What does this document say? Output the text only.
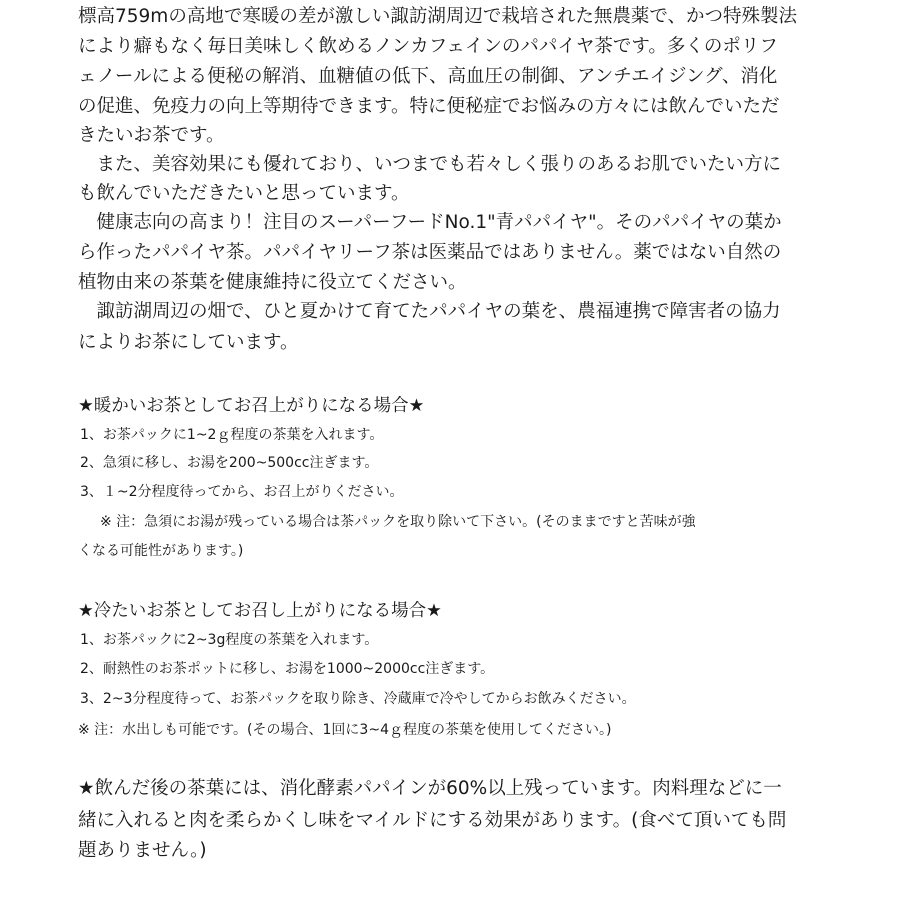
標高759mの高地で寒暖の差が激しい諏訪湖周辺で栽培された無農薬で、かつ特殊製法
により癖もなく毎日美味しく飲めるノンカフェインのパパイヤ茶です。多くのポリフ
ェノールによる便秘の解消、血糖値の低下、高血圧の制御、アンチエイジング、消化
の促進、免疫力の向上等期待できます。特に便秘症でお悩みの方々には飲んでいただ
きたいお茶です。
　また、美容効果にも優れており、いつまでも若々しく張りのあるお肌でいたい方に
も飲んでいただきたいと思っています。
　健康志向の高まり！注目のスーパーフードNo.1"青パパイヤ"。そのパパイヤの葉か
ら作ったパパイヤ茶。パパイヤリーフ茶は医薬品ではありません。薬ではない自然の
植物由来の茶葉を健康維持に役立てください。
　諏訪湖周辺の畑で、ひと夏かけて育てたパパイヤの葉を、農福連携で障害者の協力
によりお茶にしています。
★暖かいお茶としてお召上がりになる場合★
1、お茶パックに1~2ｇ程度の茶葉を入れます。
2、急須に移し、お湯を200~500cc注ぎます。
3、１~2分程度待ってから、お召上がりください。
※ 注：急須にお湯が残っている場合は茶パックを取り除いて下さい。(そのままですと苦味が強
くなる可能性があります。)
★冷たいお茶としてお召し上がりになる場合★
1、お茶パックに2~3g程度の茶葉を入れます。
2、耐熱性のお茶ポットに移し、お湯を1000~2000cc注ぎます。
3、2~3分程度待って、お茶パックを取り除き、冷蔵庫で冷やしてからお飲みください。
※ 注：水出しも可能です。(その場合、1回に3~4ｇ程度の茶葉を使用してください。)
★飲んだ後の茶葉には、消化酵素パパインが60%以上残っています。肉料理などに一
緒に入れると肉を柔らかくし味をマイルドにする効果があります。(食べて頂いても問
題ありません。)
